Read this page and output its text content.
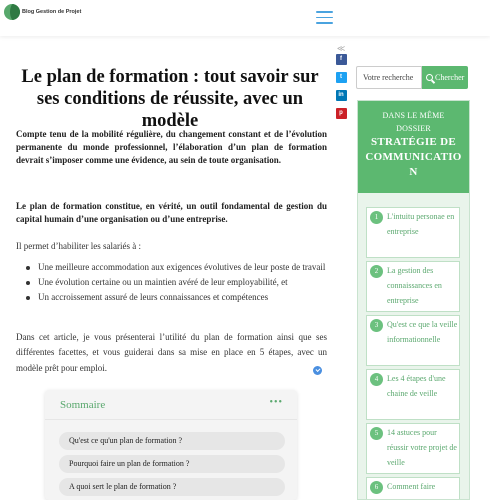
Blog Gestion de Projet
≪
f
t
in
p
Le plan de formation : tout savoir sur ses conditions de réussite, avec un modèle

Compte tenu de la mobilité régulière, du changement constant et de l’évolution permanente du monde professionnel, l’élaboration d’un plan de formation devrait s’imposer comme une évidence, au sein de toute organisation.

Le plan de formation constitue, en vérité, un outil fondamental de gestion du capital humain d’une organisation ou d’une entreprise.

Il permet d’habiliter les salariés à :

Une meilleure accommodation aux exigences évolutives de leur poste de travail
Une évolution certaine ou un maintien avéré de leur employabilité, et
Un accroissement assuré de leurs connaissances et compétences

Dans cet article, je vous présenterai l’utilité du plan de formation ainsi que ses différentes facettes, et vous guiderai dans sa mise en place en 5 étapes, avec un modèle prêt pour emploi.

Sommaire	•••
Qu'est ce qu'un plan de formation ?
Pourquoi faire un plan de formation ?
A quoi sert le plan de formation ?
Votre recherche
Chercher
DANS LE MÊME
DOSSIER
STRATÉGIE DE
COMMUNICATIO
N
1	L'intuitu personae en entreprise
2	La gestion des connaissances en entreprise
3	Qu'est ce que la veille informationnelle
4	Les 4 étapes d'une chaine de veille
5	14 astuces pour réussir votre projet de veille
6	Comment faire
